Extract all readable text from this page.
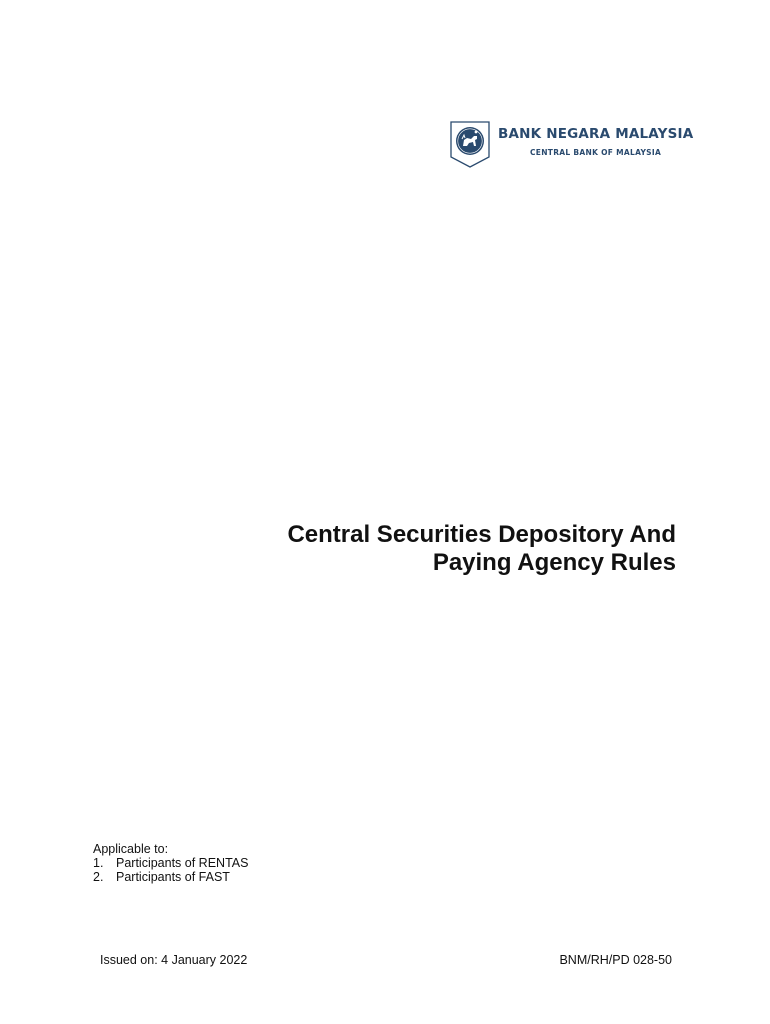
BANK NEGARA MALAYSIA
CENTRAL BANK OF MALAYSIA
Central Securities Depository And
Paying Agency Rules
Applicable to:
1.	Participants of RENTAS
2.	Participants of FAST
Issued on: 4 January 2022	BNM/RH/PD 028-50
